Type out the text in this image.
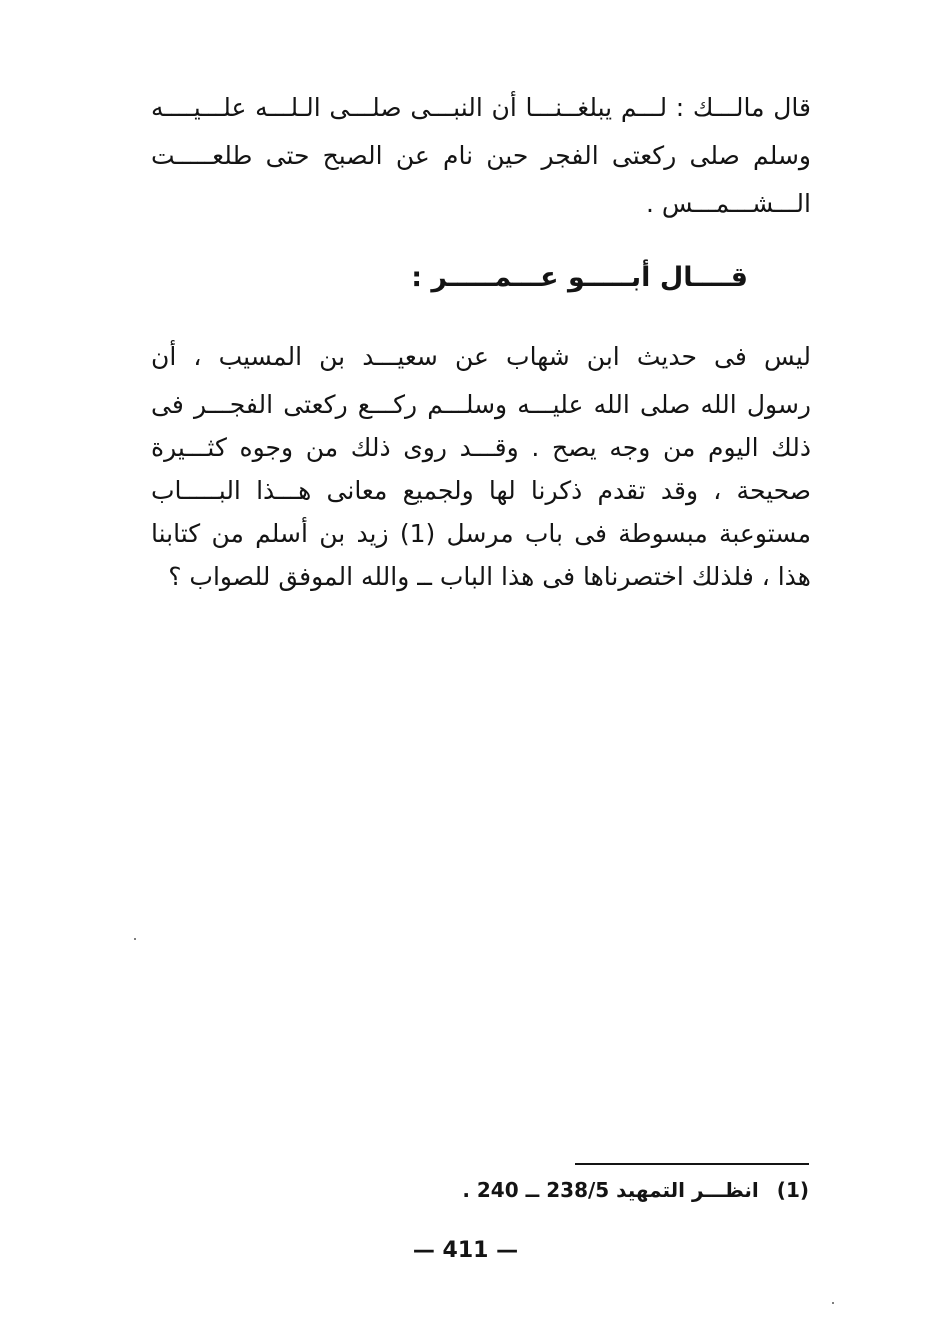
قال مالـــك : لـــم يبلغــنـــا أن النبـــى صلـــى الـلـــه علـــيــــه
وسلم صلى ركعتى الفجر حين نام عن الصبح حتى طلعـــــت
الـــشـــمـــس .
قــــال أبـــــو عـــمـــــر :
ليس فى حديث ابن شهاب عن سعيـــد بن المسيب ، أن
رسول الله صلى الله عليـــه وسلـــم ركـــع ركعتى الفجـــر فى
ذلك اليوم من وجه يصح . وقـــد روى ذلك من وجوه كثـــيرة
صحيحة ، وقد تقدم ذكرنا لها ولجميع معانى هـــذا البـــــاب
مستوعبة مبسوطة فى باب مرسل (1) زيد بن أسلم من كتابنا
هذا ، فلذلك اختصرناها فى هذا الباب ــ والله الموفق للصواب ؟
(1)انظـــر التمهيد 238/5 ــ 240 .
— 411 —
